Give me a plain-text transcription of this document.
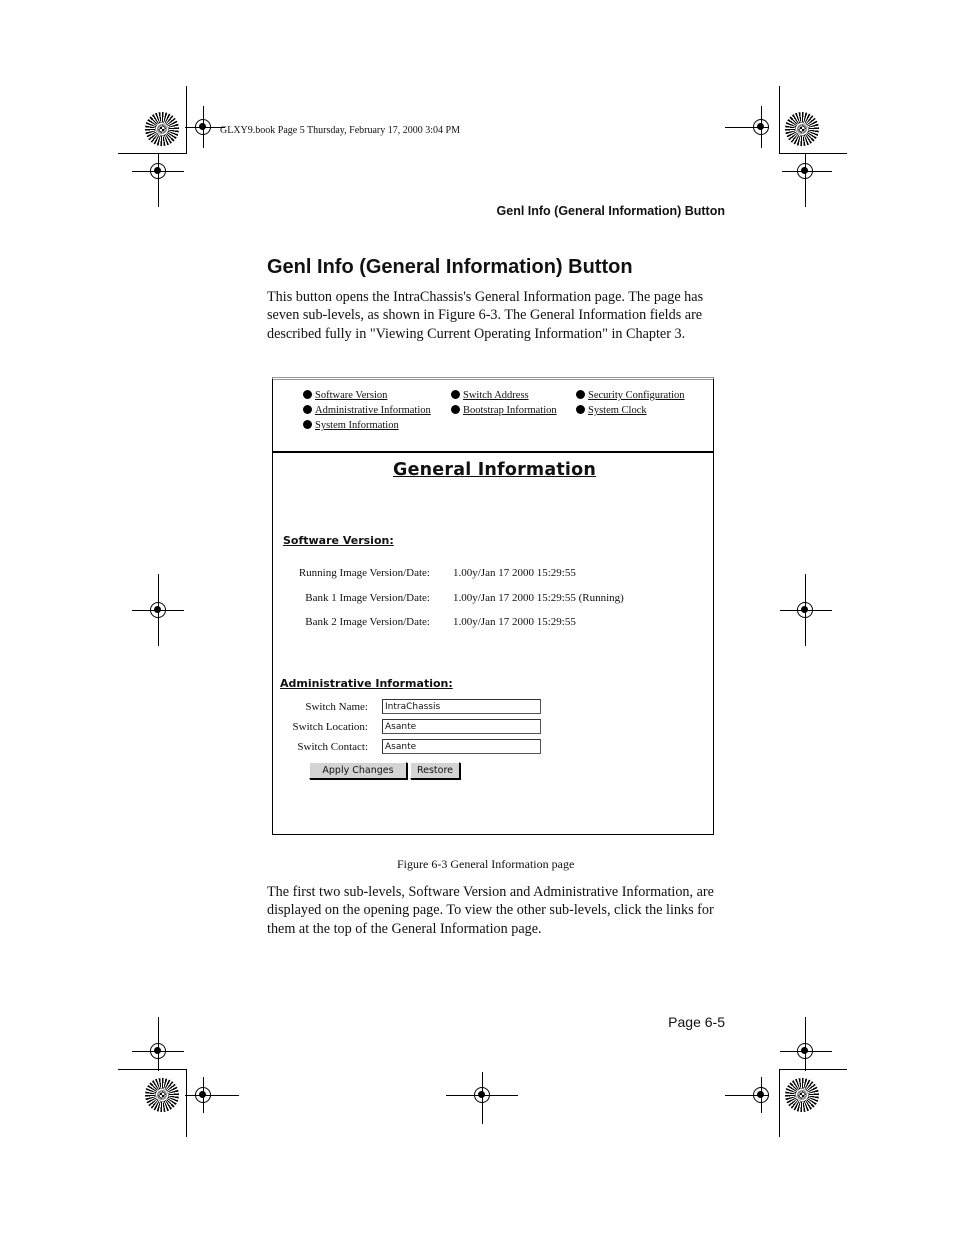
GLXY9.book Page 5 Thursday, February 17, 2000 3:04 PM
Genl Info (General Information) Button
Genl Info (General Information) Button
This button opens the IntraChassis's General Information page. The page has
seven sub-levels, as shown in Figure 6-3. The General Information fields are
described fully in "Viewing Current Operating Information" in Chapter 3.
Software Version	Switch Address	Security Configuration
Administrative Information	Bootstrap Information	System Clock
System Information
General Information
Software Version:
Running Image Version/Date: 1.00y/Jan 17 2000 15:29:55
Bank 1 Image Version/Date: 1.00y/Jan 17 2000 15:29:55 (Running)
Bank 2 Image Version/Date: 1.00y/Jan 17 2000 15:29:55
Administrative Information:
Switch Name:	IntraChassis
Switch Location:	Asante
Switch Contact:	Asante
Apply Changes	Restore
Figure 6-3 General Information page
The first two sub-levels, Software Version and Administrative Information, are
displayed on the opening page. To view the other sub-levels, click the links for
them at the top of the General Information page.
Page 6-5
